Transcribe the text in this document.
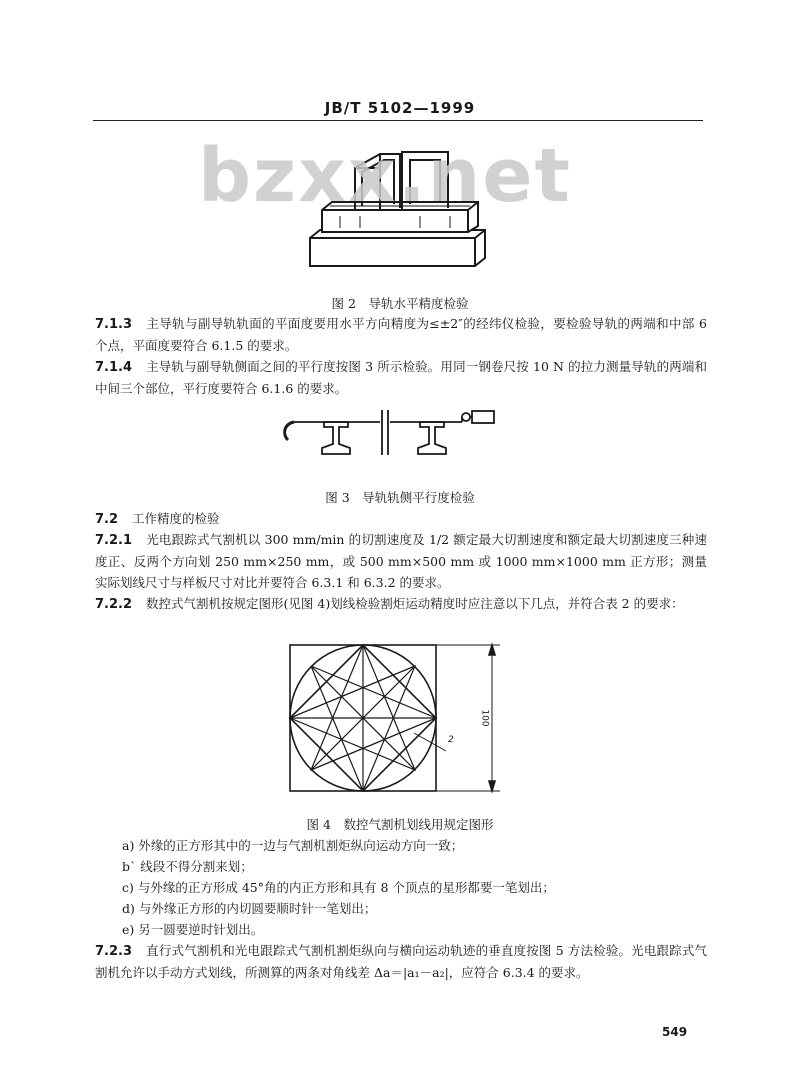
JB/T 5102—1999
bzxx.net
图 2　导轨水平精度检验
7.1.3 主导轨与副导轨轨面的平面度要用水平方向精度为≤±2″的经纬仪检验，要检验导轨的两端和中部 6 个点，平面度要符合 6.1.5 的要求。
7.1.4 主导轨与副导轨侧面之间的平行度按图 3 所示检验。用同一钢卷尺按 10 N 的拉力测量导轨的两端和中间三个部位，平行度要符合 6.1.6 的要求。
图 3　导轨轨侧平行度检验
7.2 工作精度的检验
7.2.1 光电跟踪式气割机以 300 mm/min 的切割速度及 1/2 额定最大切割速度和额定最大切割速度三种速度正、反两个方向划 250 mm×250 mm，或 500 mm×500 mm 或 1000 mm×1000 mm 正方形；测量实际划线尺寸与样板尺寸对比并要符合 6.3.1 和 6.3.2 的要求。
7.2.2 数控式气割机按规定图形(见图 4)划线检验割炬运动精度时应注意以下几点，并符合表 2 的要求：
100
2
图 4　数控气割机划线用规定图形
a) 外缘的正方形其中的一边与气割机割炬纵向运动方向一致；
b` 线段不得分割来划；
c) 与外缘的正方形成 45°角的内正方形和具有 8 个顶点的星形都要一笔划出；
d) 与外缘正方形的内切圆要顺时针一笔划出；
e) 另一圆要逆时针划出。
7.2.3 直行式气割机和光电跟踪式气割机割炬纵向与横向运动轨迹的垂直度按图 5 方法检验。光电跟踪式气割机允许以手动方式划线，所测算的两条对角线差 Δa＝|a₁－a₂|，应符合 6.3.4 的要求。
549
